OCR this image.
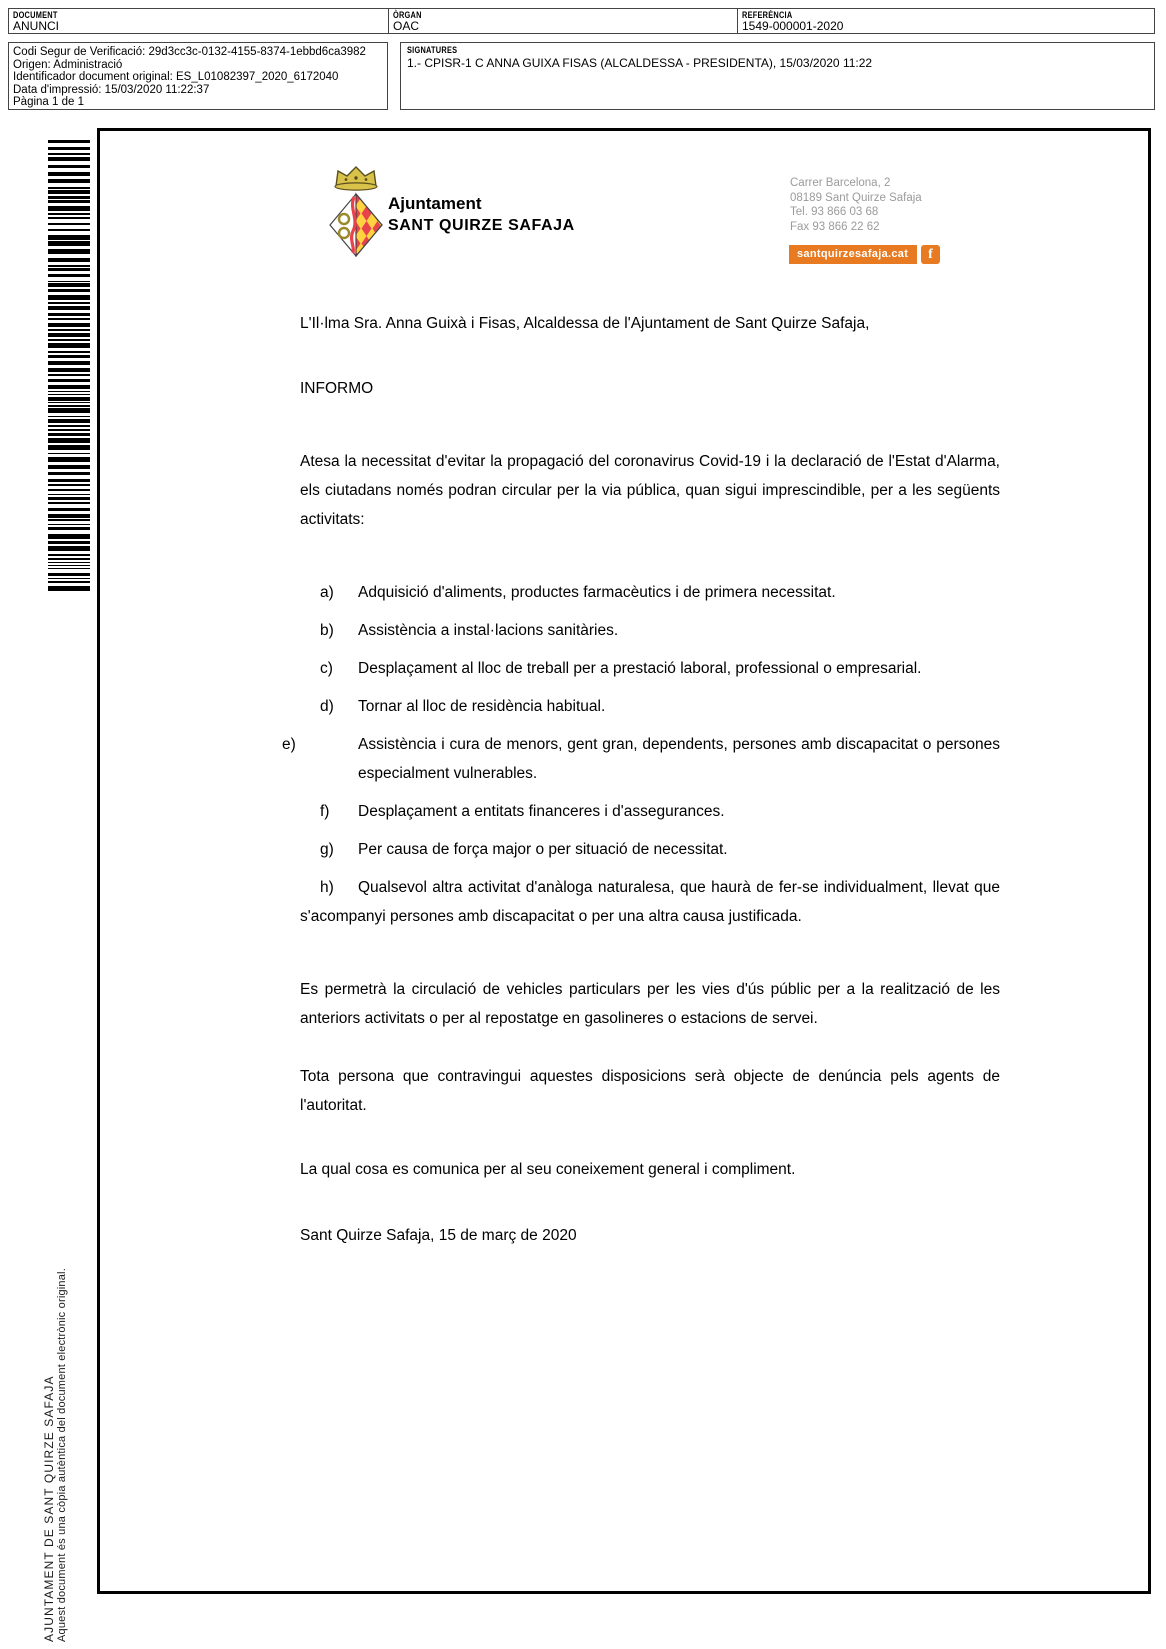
DOCUMENT
ANUNCI
ÒRGAN
OAC
REFERÈNCIA
1549-000001-2020
Codi Segur de Verificació: 29d3cc3c-0132-4155-8374-1ebbd6ca3982
Origen: Administració
Identificador document original: ES_L01082397_2020_6172040
Data d'impressió: 15/03/2020 11:22:37
Pàgina 1 de 1
SIGNATURES
1.- CPISR-1 C ANNA GUIXA FISAS (ALCALDESSA - PRESIDENTA), 15/03/2020 11:22
AJUNTAMENT DE SANT QUIRZE SAFAJA Aquest document és una còpia autèntica del document electrònic original.
Ajuntament
SANT QUIRZE SAFAJA
Carrer Barcelona, 2
08189 Sant Quirze Safaja
Tel. 93 866 03 68
Fax 93 866 22 62
santquirzesafaja.cat	f

L'Il·lma Sra. Anna Guixà i Fisas, Alcaldessa de l'Ajuntament de Sant Quirze Safaja,

INFORMO

Atesa la necessitat d'evitar la propagació del coronavirus Covid-19 i la declaració de l'Estat d'Alarma, els ciutadans només podran circular per la via pública, quan sigui imprescindible, per a les següents activitats:

a) Adquisició d'aliments, productes farmacèutics i de primera necessitat.

b) Assistència a instal·lacions sanitàries.

c) Desplaçament al lloc de treball per a prestació laboral, professional o empresarial.

d) Tornar al lloc de residència habitual.

e)	Assistència i cura de menors, gent gran, dependents, persones amb discapacitat o persones especialment vulnerables.

f) Desplaçament a entitats financeres i d'assegurances.

g) Per causa de força major o per situació de necessitat.

h) Qualsevol altra activitat d'anàloga naturalesa, que haurà de fer-se individualment, llevat que s'acompanyi persones amb discapacitat o per una altra causa justificada.

Es permetrà la circulació de vehicles particulars per les vies d'ús públic per a la realització de les anteriors activitats o per al repostatge en gasolineres o estacions de servei.

Tota persona que contravingui aquestes disposicions serà objecte de denúncia pels agents de l'autoritat.

La qual cosa es comunica per al seu coneixement general i compliment.

Sant Quirze Safaja, 15 de març de 2020
